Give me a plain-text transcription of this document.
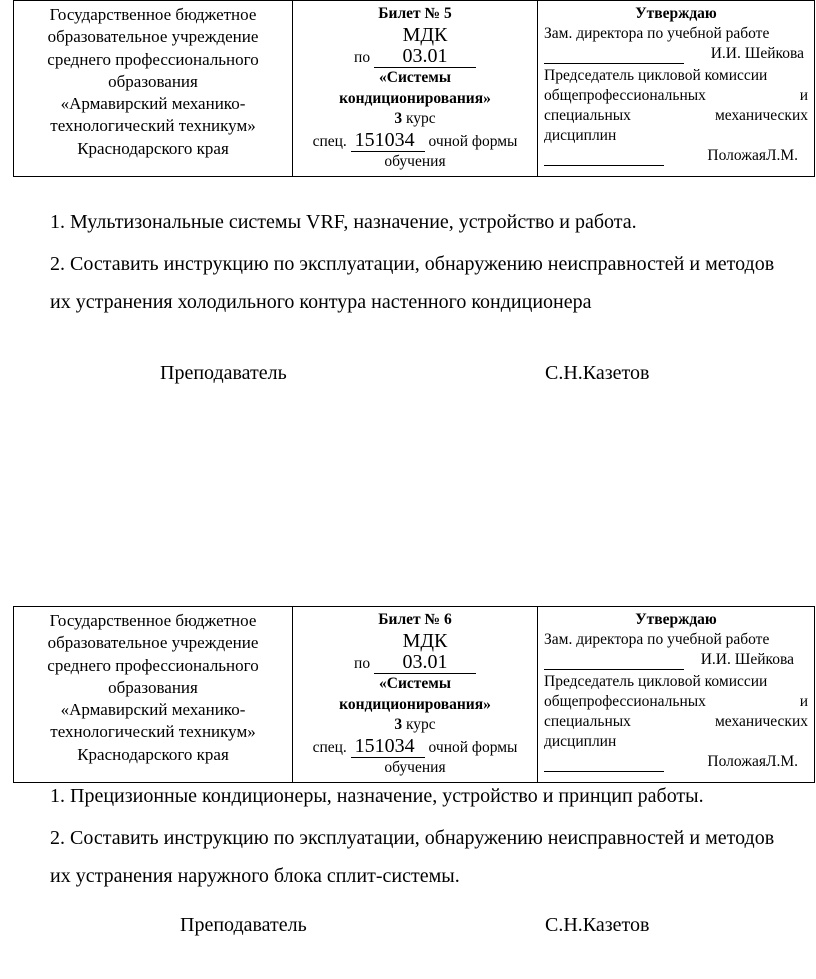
Государственное бюджетное
образовательное учреждение
среднего профессионального
образования
«Армавирский механико-
технологический техникум»
Краснодарского края

Билет № 5
по МДК 03.01
«Системы
кондиционирования»
3 курс
спец. 151034 очной формы
обучения

Утверждаю
Зам. директора по учебной работе
И.И. Шейкова
Председатель цикловой комиссии
общепрофессиональных	и
специальных	механических
дисциплин
ПоложаяЛ.М.

1. Мультизональные системы VRF, назначение, устройство и работа.

2. Составить инструкцию по эксплуатации, обнаружению неисправностей и методов их устранения холодильного контура настенного кондиционера

Преподаватель	С.Н.Казетов
Государственное бюджетное
образовательное учреждение
среднего профессионального
образования
«Армавирский механико-
технологический техникум»
Краснодарского края

Билет № 6
по МДК 03.01
«Системы
кондиционирования»
3 курс
спец. 151034 очной формы
обучения

Утверждаю
Зам. директора по учебной работе
И.И. Шейкова
Председатель цикловой комиссии
общепрофессиональных	и
специальных	механических
дисциплин
ПоложаяЛ.М.

1. Прецизионные кондиционеры, назначение, устройство и принцип работы.

2. Составить инструкцию по эксплуатации, обнаружению неисправностей и методов их устранения наружного блока сплит-системы.

Преподаватель	С.Н.Казетов
